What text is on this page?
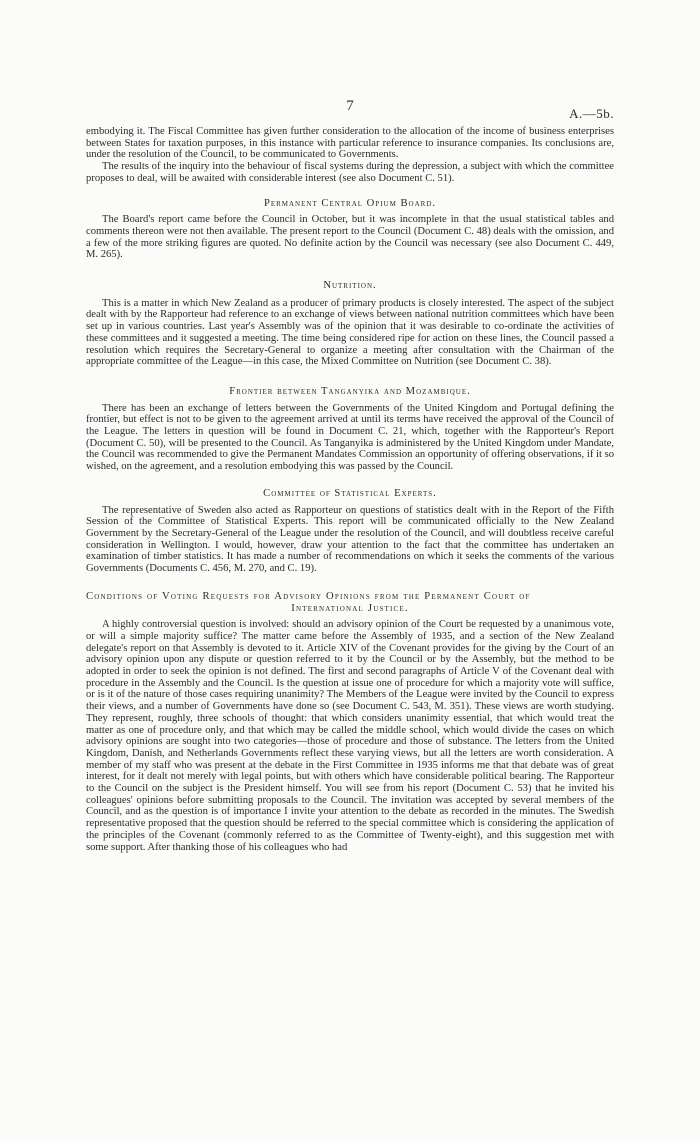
7	A.—5b.

embodying it. The Fiscal Committee has given further consideration to the allocation of the income of business enterprises between States for taxation purposes, in this instance with particular reference to insurance companies. Its conclusions are, under the resolution of the Council, to be communicated to Governments.

The results of the inquiry into the behaviour of fiscal systems during the depression, a subject with which the committee proposes to deal, will be awaited with considerable interest (see also Document C. 51).

Permanent Central Opium Board.

The Board's report came before the Council in October, but it was incomplete in that the usual statistical tables and comments thereon were not then available. The present report to the Council (Document C. 48) deals with the omission, and a few of the more striking figures are quoted. No definite action by the Council was necessary (see also Document C. 449, M. 265).

Nutrition.

This is a matter in which New Zealand as a producer of primary products is closely interested. The aspect of the subject dealt with by the Rapporteur had reference to an exchange of views between national nutrition committees which have been set up in various countries. Last year's Assembly was of the opinion that it was desirable to co-ordinate the activities of these committees and it suggested a meeting. The time being considered ripe for action on these lines, the Council passed a resolution which requires the Secretary-General to organize a meeting after consultation with the Chairman of the appropriate committee of the League—in this case, the Mixed Committee on Nutrition (see Document C. 38).

Frontier between Tanganyika and Mozambique.

There has been an exchange of letters between the Governments of the United Kingdom and Portugal defining the frontier, but effect is not to be given to the agreement arrived at until its terms have received the approval of the Council of the League. The letters in question will be found in Document C. 21, which, together with the Rapporteur's Report (Document C. 50), will be presented to the Council. As Tanganyika is administered by the United Kingdom under Mandate, the Council was recommended to give the Permanent Mandates Commission an opportunity of offering observations, if it so wished, on the agreement, and a resolution embodying this was passed by the Council.

Committee of Statistical Experts.

The representative of Sweden also acted as Rapporteur on questions of statistics dealt with in the Report of the Fifth Session of the Committee of Statistical Experts. This report will be communicated officially to the New Zealand Government by the Secretary-General of the League under the resolution of the Council, and will doubtless receive careful consideration in Wellington. I would, however, draw your attention to the fact that the committee has undertaken an examination of timber statistics. It has made a number of recommendations on which it seeks the comments of the various Governments (Documents C. 456, M. 270, and C. 19).

Conditions of Voting Requests for Advisory Opinions from the Permanent Court of
International Justice.

A highly controversial question is involved: should an advisory opinion of the Court be requested by a unanimous vote, or will a simple majority suffice? The matter came before the Assembly of 1935, and a section of the New Zealand delegate's report on that Assembly is devoted to it. Article XIV of the Covenant provides for the giving by the Court of an advisory opinion upon any dispute or question referred to it by the Council or by the Assembly, but the method to be adopted in order to seek the opinion is not defined. The first and second paragraphs of Article V of the Covenant deal with procedure in the Assembly and the Council. Is the question at issue one of procedure for which a majority vote will suffice, or is it of the nature of those cases requiring unanimity? The Members of the League were invited by the Council to express their views, and a number of Governments have done so (see Document C. 543, M. 351). These views are worth studying. They represent, roughly, three schools of thought: that which considers unanimity essential, that which would treat the matter as one of procedure only, and that which may be called the middle school, which would divide the cases on which advisory opinions are sought into two categories—those of procedure and those of substance. The letters from the United Kingdom, Danish, and Netherlands Governments reflect these varying views, but all the letters are worth consideration. A member of my staff who was present at the debate in the First Committee in 1935 informs me that that debate was of great interest, for it dealt not merely with legal points, but with others which have considerable political bearing. The Rapporteur to the Council on the subject is the President himself. You will see from his report (Document C. 53) that he invited his colleagues' opinions before submitting proposals to the Council. The invitation was accepted by several members of the Council, and as the question is of importance I invite your attention to the debate as recorded in the minutes. The Swedish representative proposed that the question should be referred to the special committee which is considering the application of the principles of the Covenant (commonly referred to as the Committee of Twenty-eight), and this suggestion met with some support. After thanking those of his colleagues who had
